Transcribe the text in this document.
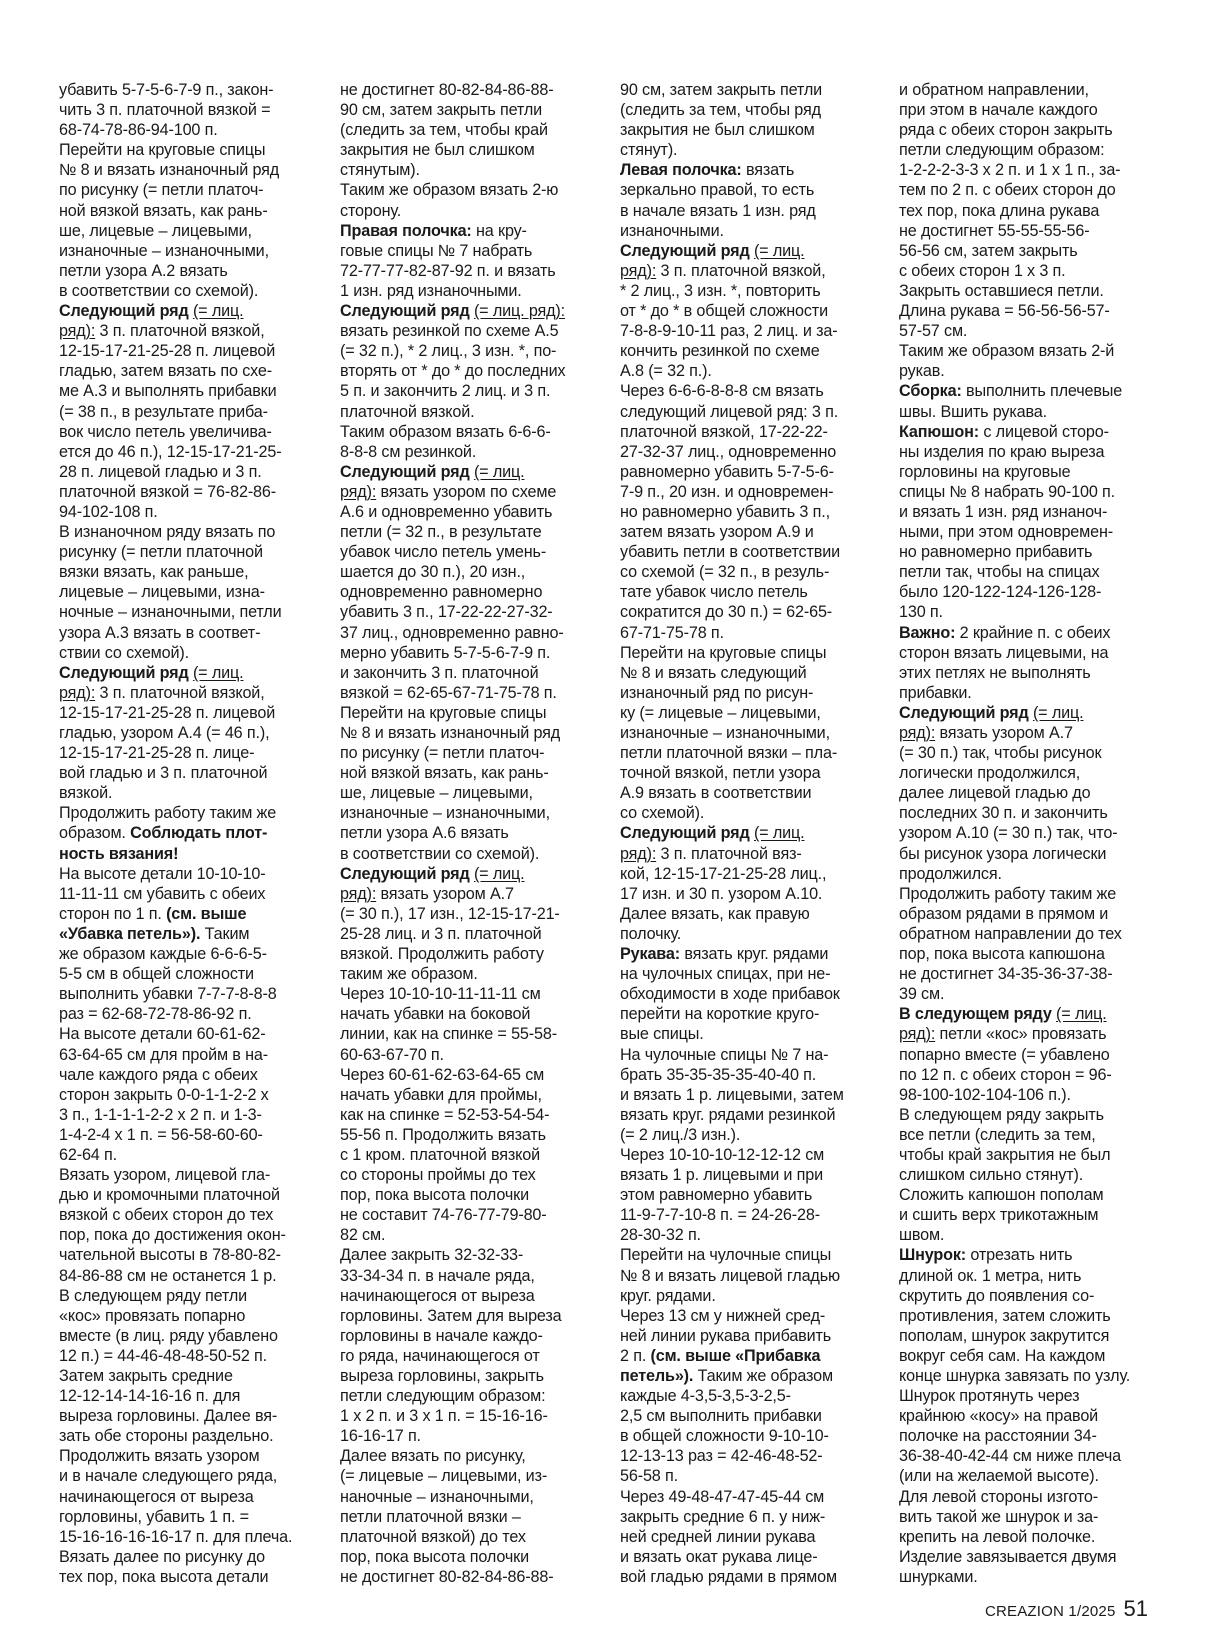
убавить 5-7-5-6-7-9 п., закон-
чить 3 п. платочной вязкой =
68-74-78-86-94-100 п.
Перейти на круговые спицы
№ 8 и вязать изнаночный ряд
по рисунку (= петли платоч-
ной вязкой вязать, как рань-
ше, лицевые – лицевыми,
изнаночные – изнаночными,
петли узора А.2 вязать
в соответствии со схемой).
Следующий ряд (= лиц.
ряд): 3 п. платочной вязкой,
12-15-17-21-25-28 п. лицевой
гладью, затем вязать по схе-
ме А.3 и выполнять прибавки
(= 38 п., в результате приба-
вок число петель увеличива-
ется до 46 п.), 12-15-17-21-25-
28 п. лицевой гладью и 3 п.
платочной вязкой = 76-82-86-
94-102-108 п.
В изнаночном ряду вязать по
рисунку (= петли платочной
вязки вязать, как раньше,
лицевые – лицевыми, изна-
ночные – изнаночными, петли
узора А.3 вязать в соответ-
ствии со схемой).
Следующий ряд (= лиц.
ряд): 3 п. платочной вязкой,
12-15-17-21-25-28 п. лицевой
гладью, узором А.4 (= 46 п.),
12-15-17-21-25-28 п. лице-
вой гладью и 3 п. платочной
вязкой.
Продолжить работу таким же
образом. Соблюдать плот-
ность вязания!
На высоте детали 10-10-10-
11-11-11 см убавить с обеих
сторон по 1 п. (см. выше
«Убавка петель»). Таким
же образом каждые 6-6-6-5-
5-5 см в общей сложности
выполнить убавки 7-7-7-8-8-8
раз = 62-68-72-78-86-92 п.
На высоте детали 60-61-62-
63-64-65 см для пройм в на-
чале каждого ряда с обеих
сторон закрыть 0-0-1-1-2-2 х
3 п., 1-1-1-1-2-2 х 2 п. и 1-3-
1-4-2-4 х 1 п. = 56-58-60-60-
62-64 п.
Вязать узором, лицевой гла-
дью и кромочными платочной
вязкой с обеих сторон до тех
пор, пока до достижения окон-
чательной высоты в 78-80-82-
84-86-88 см не останется 1 р.
В следующем ряду петли
«кос» провязать попарно
вместе (в лиц. ряду убавлено
12 п.) = 44-46-48-48-50-52 п.
Затем закрыть средние
12-12-14-14-16-16 п. для
выреза горловины. Далее вя-
зать обе стороны раздельно.
Продолжить вязать узором
и в начале следующего ряда,
начинающегося от выреза
горловины, убавить 1 п. =
15-16-16-16-16-17 п. для плеча.
Вязать далее по рисунку до
тех пор, пока высота детали
не достигнет 80-82-84-86-88-
90 см, затем закрыть петли
(следить за тем, чтобы край
закрытия не был слишком
стянутым).
Таким же образом вязать 2-ю
сторону.
Правая полочка: на кру-
говые спицы № 7 набрать
72-77-77-82-87-92 п. и вязать
1 изн. ряд изнаночными.
Следующий ряд (= лиц. ряд):
вязать резинкой по схеме А.5
(= 32 п.), * 2 лиц., 3 изн. *, по-
вторять от * до * до последних
5 п. и закончить 2 лиц. и 3 п.
платочной вязкой.
Таким образом вязать 6-6-6-
8-8-8 см резинкой.
Следующий ряд (= лиц.
ряд): вязать узором по схеме
А.6 и одновременно убавить
петли (= 32 п., в результате
убавок число петель умень-
шается до 30 п.), 20 изн.,
одновременно равномерно
убавить 3 п., 17-22-22-27-32-
37 лиц., одновременно равно-
мерно убавить 5-7-5-6-7-9 п.
и закончить 3 п. платочной
вязкой = 62-65-67-71-75-78 п.
Перейти на круговые спицы
№ 8 и вязать изнаночный ряд
по рисунку (= петли платоч-
ной вязкой вязать, как рань-
ше, лицевые – лицевыми,
изнаночные – изнаночными,
петли узора А.6 вязать
в соответствии со схемой).
Следующий ряд (= лиц.
ряд): вязать узором А.7
(= 30 п.), 17 изн., 12-15-17-21-
25-28 лиц. и 3 п. платочной
вязкой. Продолжить работу
таким же образом.
Через 10-10-10-11-11-11 см
начать убавки на боковой
линии, как на спинке = 55-58-
60-63-67-70 п.
Через 60-61-62-63-64-65 см
начать убавки для проймы,
как на спинке = 52-53-54-54-
55-56 п. Продолжить вязать
с 1 кром. платочной вязкой
со стороны проймы до тех
пор, пока высота полочки
не составит 74-76-77-79-80-
82 см.
Далее закрыть 32-32-33-
33-34-34 п. в начале ряда,
начинающегося от выреза
горловины. Затем для выреза
горловины в начале каждо-
го ряда, начинающегося от
выреза горловины, закрыть
петли следующим образом:
1 х 2 п. и 3 х 1 п. = 15-16-16-
16-16-17 п.
Далее вязать по рисунку,
(= лицевые – лицевыми, из-
наночные – изнаночными,
петли платочной вязки –
платочной вязкой) до тех
пор, пока высота полочки
не достигнет 80-82-84-86-88-
90 см, затем закрыть петли
(следить за тем, чтобы ряд
закрытия не был слишком
стянут).
Левая полочка: вязать
зеркально правой, то есть
в начале вязать 1 изн. ряд
изнаночными.
Следующий ряд (= лиц.
ряд): 3 п. платочной вязкой,
* 2 лиц., 3 изн. *, повторить
от * до * в общей сложности
7-8-8-9-10-11 раз, 2 лиц. и за-
кончить резинкой по схеме
А.8 (= 32 п.).
Через 6-6-6-8-8-8 см вязать
следующий лицевой ряд: 3 п.
платочной вязкой, 17-22-22-
27-32-37 лиц., одновременно
равномерно убавить 5-7-5-6-
7-9 п., 20 изн. и одновремен-
но равномерно убавить 3 п.,
затем вязать узором А.9 и
убавить петли в соответствии
со схемой (= 32 п., в резуль-
тате убавок число петель
сократится до 30 п.) = 62-65-
67-71-75-78 п.
Перейти на круговые спицы
№ 8 и вязать следующий
изнаночный ряд по рисун-
ку (= лицевые – лицевыми,
изнаночные – изнаночными,
петли платочной вязки – пла-
точной вязкой, петли узора
А.9 вязать в соответствии
со схемой).
Следующий ряд (= лиц.
ряд): 3 п. платочной вяз-
кой, 12-15-17-21-25-28 лиц.,
17 изн. и 30 п. узором А.10.
Далее вязать, как правую
полочку.
Рукава: вязать круг. рядами
на чулочных спицах, при не-
обходимости в ходе прибавок
перейти на короткие круго-
вые спицы.
На чулочные спицы № 7 на-
брать 35-35-35-35-40-40 п.
и вязать 1 р. лицевыми, затем
вязать круг. рядами резинкой
(= 2 лиц./3 изн.).
Через 10-10-10-12-12-12 см
вязать 1 р. лицевыми и при
этом равномерно убавить
11-9-7-7-10-8 п. = 24-26-28-
28-30-32 п.
Перейти на чулочные спицы
№ 8 и вязать лицевой гладью
круг. рядами.
Через 13 см у нижней сред-
ней линии рукава прибавить
2 п. (см. выше «Прибавка
петель»). Таким же образом
каждые 4-3,5-3,5-3-2,5-
2,5 см выполнить прибавки
в общей сложности 9-10-10-
12-13-13 раз = 42-46-48-52-
56-58 п.
Через 49-48-47-47-45-44 см
закрыть средние 6 п. у ниж-
ней средней линии рукава
и вязать окат рукава лице-
вой гладью рядами в прямом
и обратном направлении,
при этом в начале каждого
ряда с обеих сторон закрыть
петли следующим образом:
1-2-2-2-3-3 х 2 п. и 1 х 1 п., за-
тем по 2 п. с обеих сторон до
тех пор, пока длина рукава
не достигнет 55-55-55-56-
56-56 см, затем закрыть
с обеих сторон 1 х 3 п.
Закрыть оставшиеся петли.
Длина рукава = 56-56-56-57-
57-57 см.
Таким же образом вязать 2-й
рукав.
Сборка: выполнить плечевые
швы. Вшить рукава.
Капюшон: с лицевой сторо-
ны изделия по краю выреза
горловины на круговые
спицы № 8 набрать 90-100 п.
и вязать 1 изн. ряд изнаноч-
ными, при этом одновремен-
но равномерно прибавить
петли так, чтобы на спицах
было 120-122-124-126-128-
130 п.
Важно: 2 крайние п. с обеих
сторон вязать лицевыми, на
этих петлях не выполнять
прибавки.
Следующий ряд (= лиц.
ряд): вязать узором А.7
(= 30 п.) так, чтобы рисунок
логически продолжился,
далее лицевой гладью до
последних 30 п. и закончить
узором А.10 (= 30 п.) так, что-
бы рисунок узора логически
продолжился.
Продолжить работу таким же
образом рядами в прямом и
обратном направлении до тех
пор, пока высота капюшона
не достигнет 34-35-36-37-38-
39 см.
В следующем ряду (= лиц.
ряд): петли «кос» провязать
попарно вместе (= убавлено
по 12 п. с обеих сторон = 96-
98-100-102-104-106 п.).
В следующем ряду закрыть
все петли (следить за тем,
чтобы край закрытия не был
слишком сильно стянут).
Сложить капюшон пополам
и сшить верх трикотажным
швом.
Шнурок: отрезать нить
длиной ок. 1 метра, нить
скрутить до появления со-
противления, затем сложить
пополам, шнурок закрутится
вокруг себя сам. На каждом
конце шнурка завязать по узлу.
Шнурок протянуть через
крайнюю «косу» на правой
полочке на расстоянии 34-
36-38-40-42-44 см ниже плеча
(или на желаемой высоте).
Для левой стороны изгото-
вить такой же шнурок и за-
крепить на левой полочке.
Изделие завязывается двумя
шнурками.
CREAZION 1/2025 51
